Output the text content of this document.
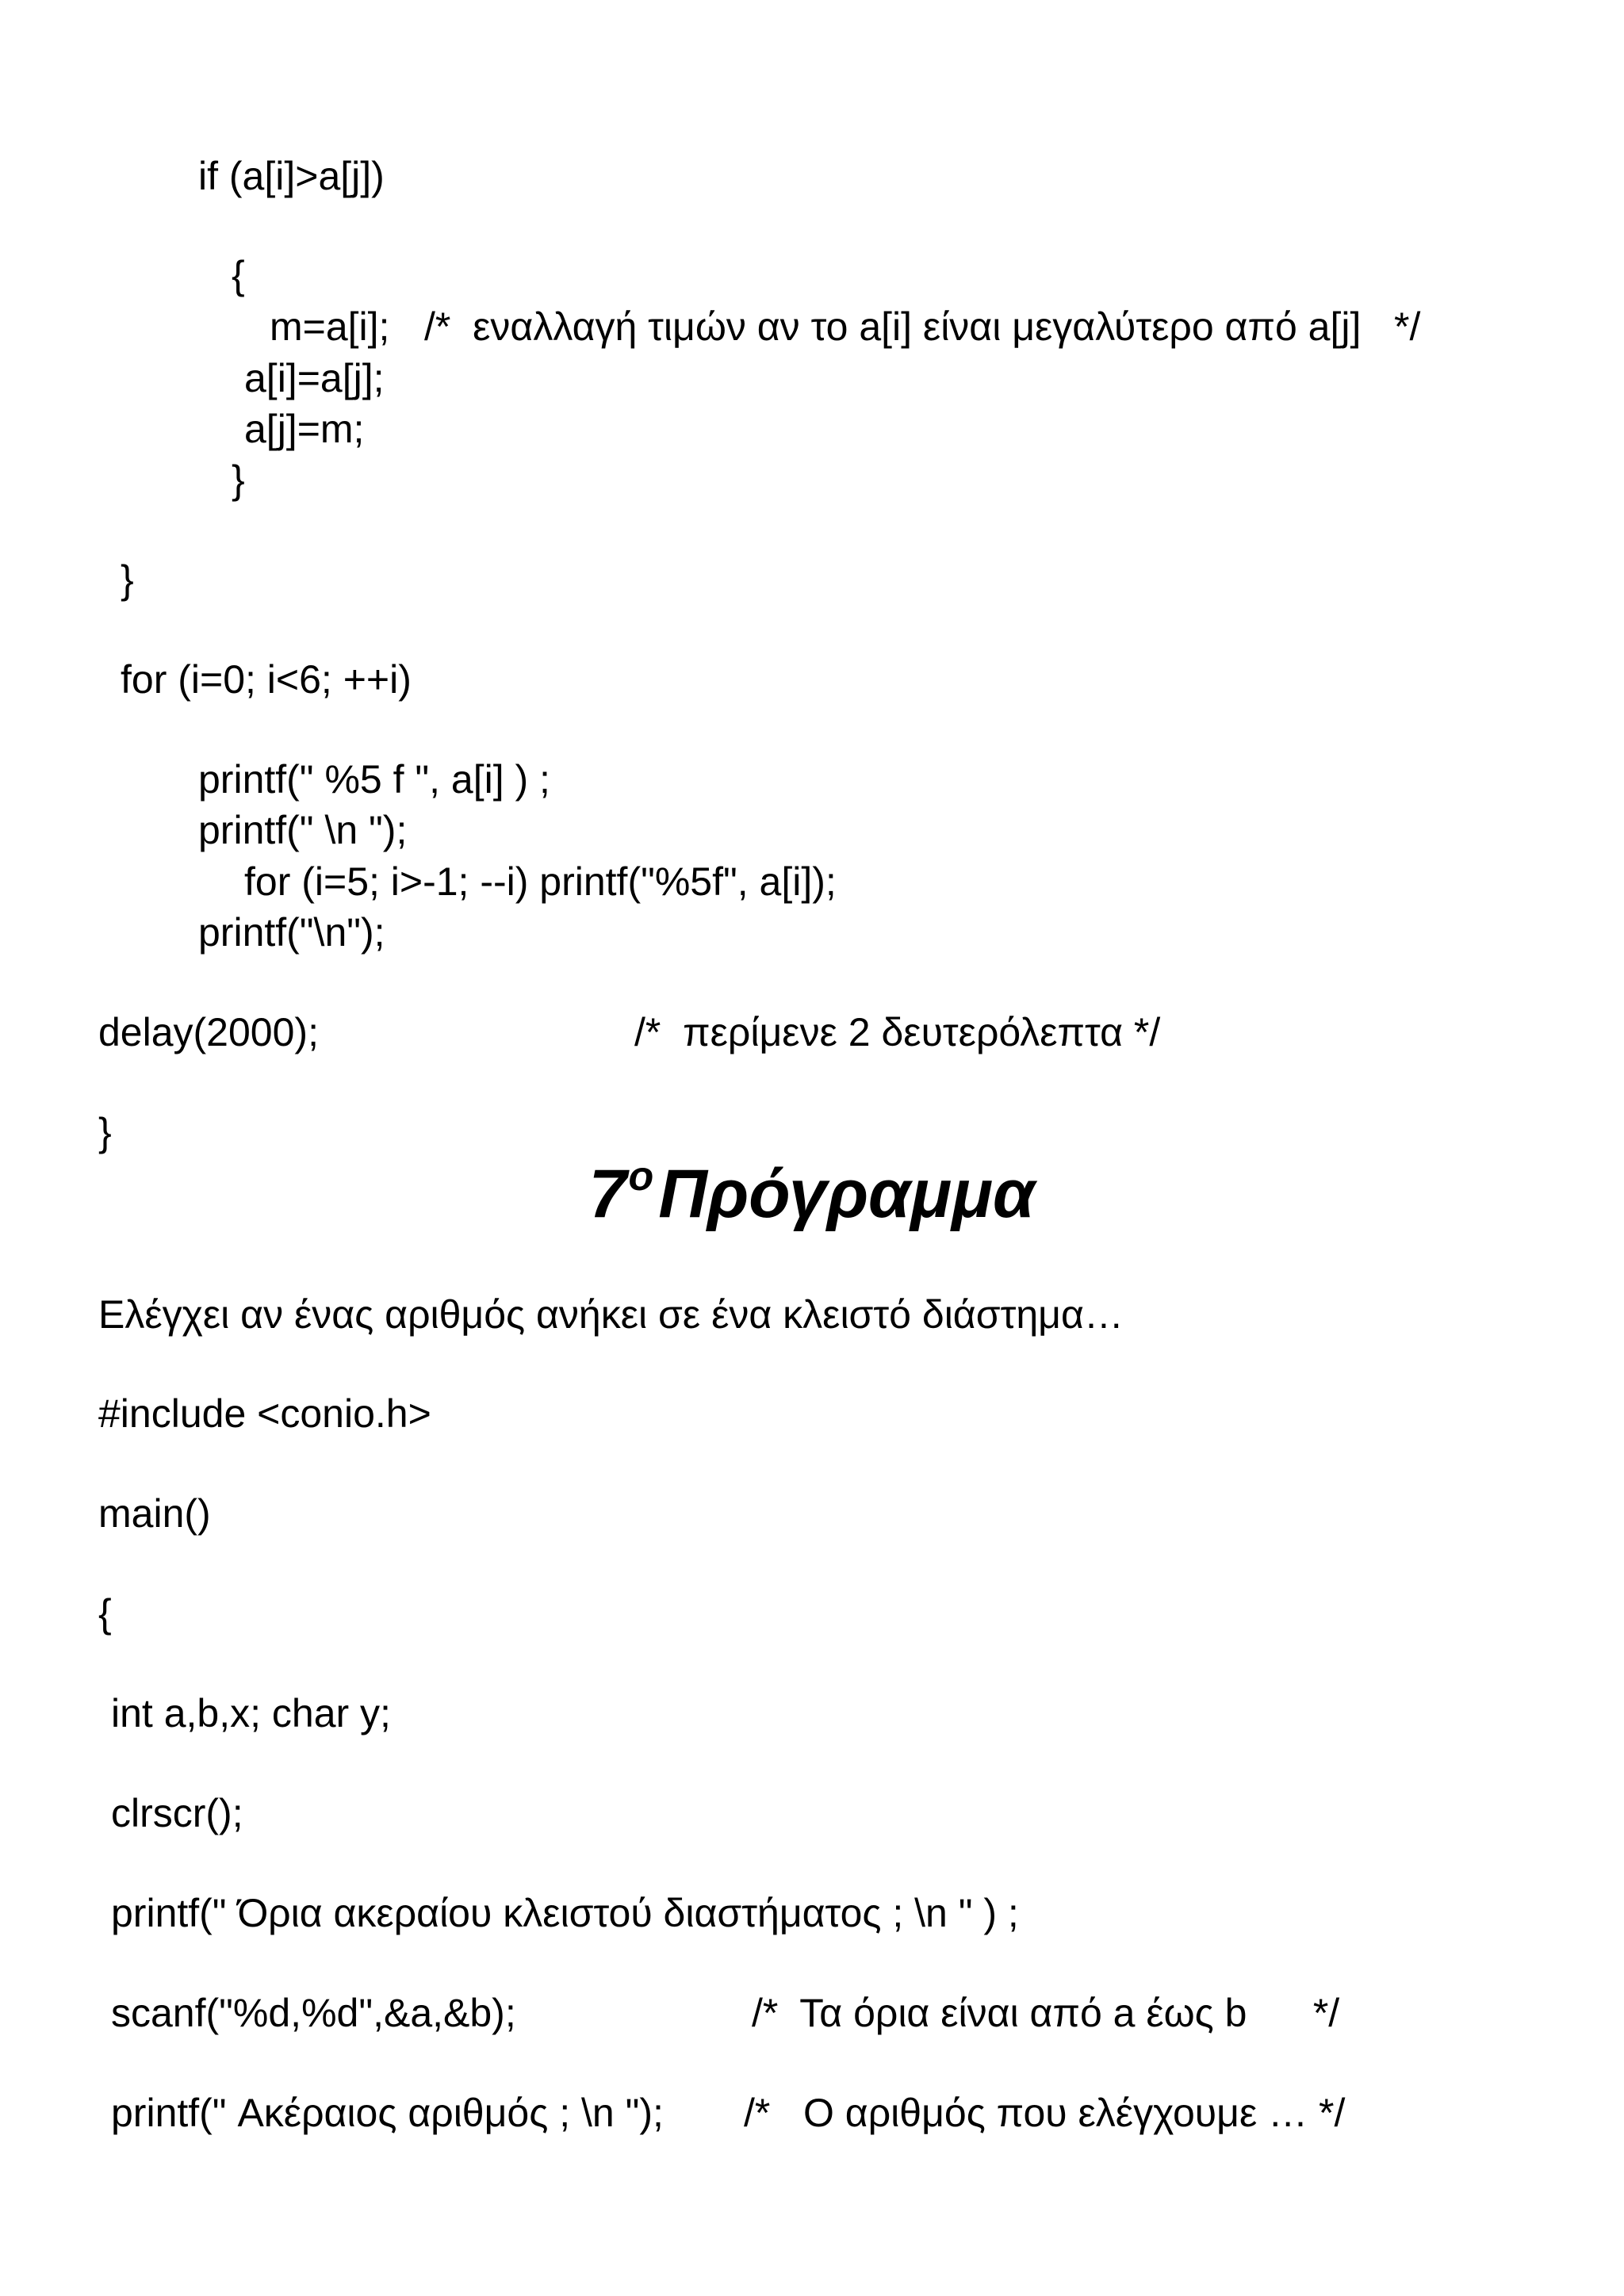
if (a[i]>a[j])

{

m=a[i]; /*  εναλλαγή τιμών αν το a[i] είναι μεγαλύτερο από a[j]   */

a[i]=a[j];

a[j]=m;

}

}

for (i=0; i<6; ++i)

printf(" %5 f ", a[i] ) ;

printf(" \n ");

for (i=5; i>-1; --i) printf("%5f", a[i]);

printf("\n");

delay(2000);	/*  περίμενε 2 δευτερόλεπτα */

}

$7^o\Pi\rho ό\gamma\rho\alpha\mu\mu\alpha$

Ελέγχει αν ένας αριθμός ανήκει σε ένα κλειστό διάστημα…

#include <conio.h>

main()

{

int a,b,x; char y;

clrscr();

printf(" Όρια ακεραίου κλειστού διαστήματος ; \n " ) ;

scanf("%d,%d",&a,&b);	/*  Τα όρια είναι από a έως b      */

printf(" Ακέραιος αριθμός ; \n "); /*   Ο αριθμός που ελέγχουμε … */
